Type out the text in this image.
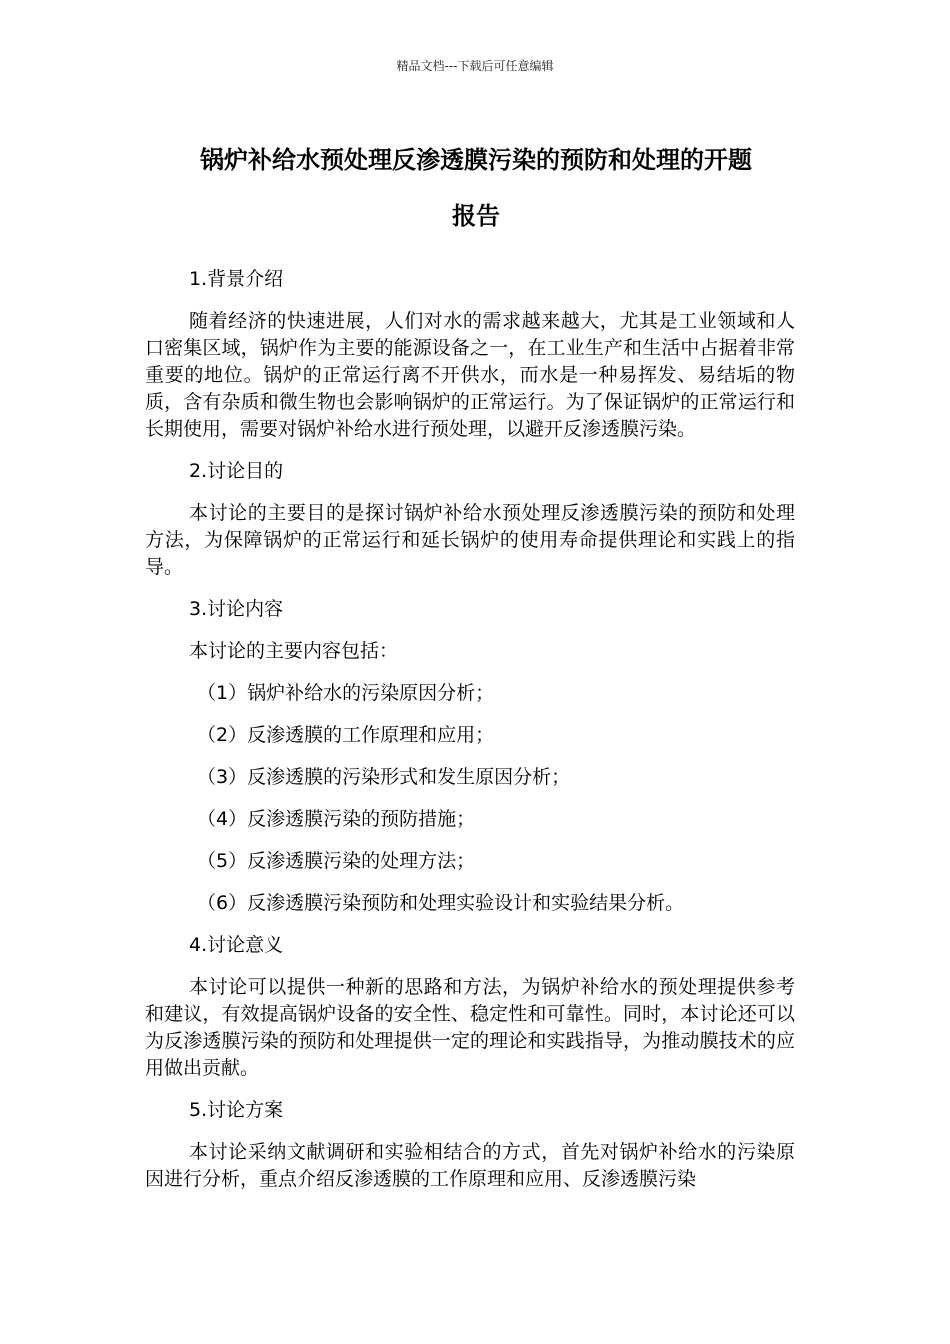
精品文档---下载后可任意编辑
锅炉补给水预处理反渗透膜污染的预防和处理的开题
报告
1.背景介绍
随着经济的快速进展，人们对水的需求越来越大，尤其是工业领域和人口密集区域，锅炉作为主要的能源设备之一，在工业生产和生活中占据着非常重要的地位。锅炉的正常运行离不开供水，而水是一种易挥发、易结垢的物质，含有杂质和微生物也会影响锅炉的正常运行。为了保证锅炉的正常运行和长期使用，需要对锅炉补给水进行预处理，以避开反渗透膜污染。
2.讨论目的
本讨论的主要目的是探讨锅炉补给水预处理反渗透膜污染的预防和处理方法，为保障锅炉的正常运行和延长锅炉的使用寿命提供理论和实践上的指导。
3.讨论内容
本讨论的主要内容包括：
（1）锅炉补给水的污染原因分析；
（2）反渗透膜的工作原理和应用；
（3）反渗透膜的污染形式和发生原因分析；
（4）反渗透膜污染的预防措施；
（5）反渗透膜污染的处理方法；
（6）反渗透膜污染预防和处理实验设计和实验结果分析。
4.讨论意义
本讨论可以提供一种新的思路和方法，为锅炉补给水的预处理提供参考和建议，有效提高锅炉设备的安全性、稳定性和可靠性。同时，本讨论还可以为反渗透膜污染的预防和处理提供一定的理论和实践指导，为推动膜技术的应用做出贡献。
5.讨论方案
本讨论采纳文献调研和实验相结合的方式，首先对锅炉补给水的污染原因进行分析，重点介绍反渗透膜的工作原理和应用、反渗透膜污染
